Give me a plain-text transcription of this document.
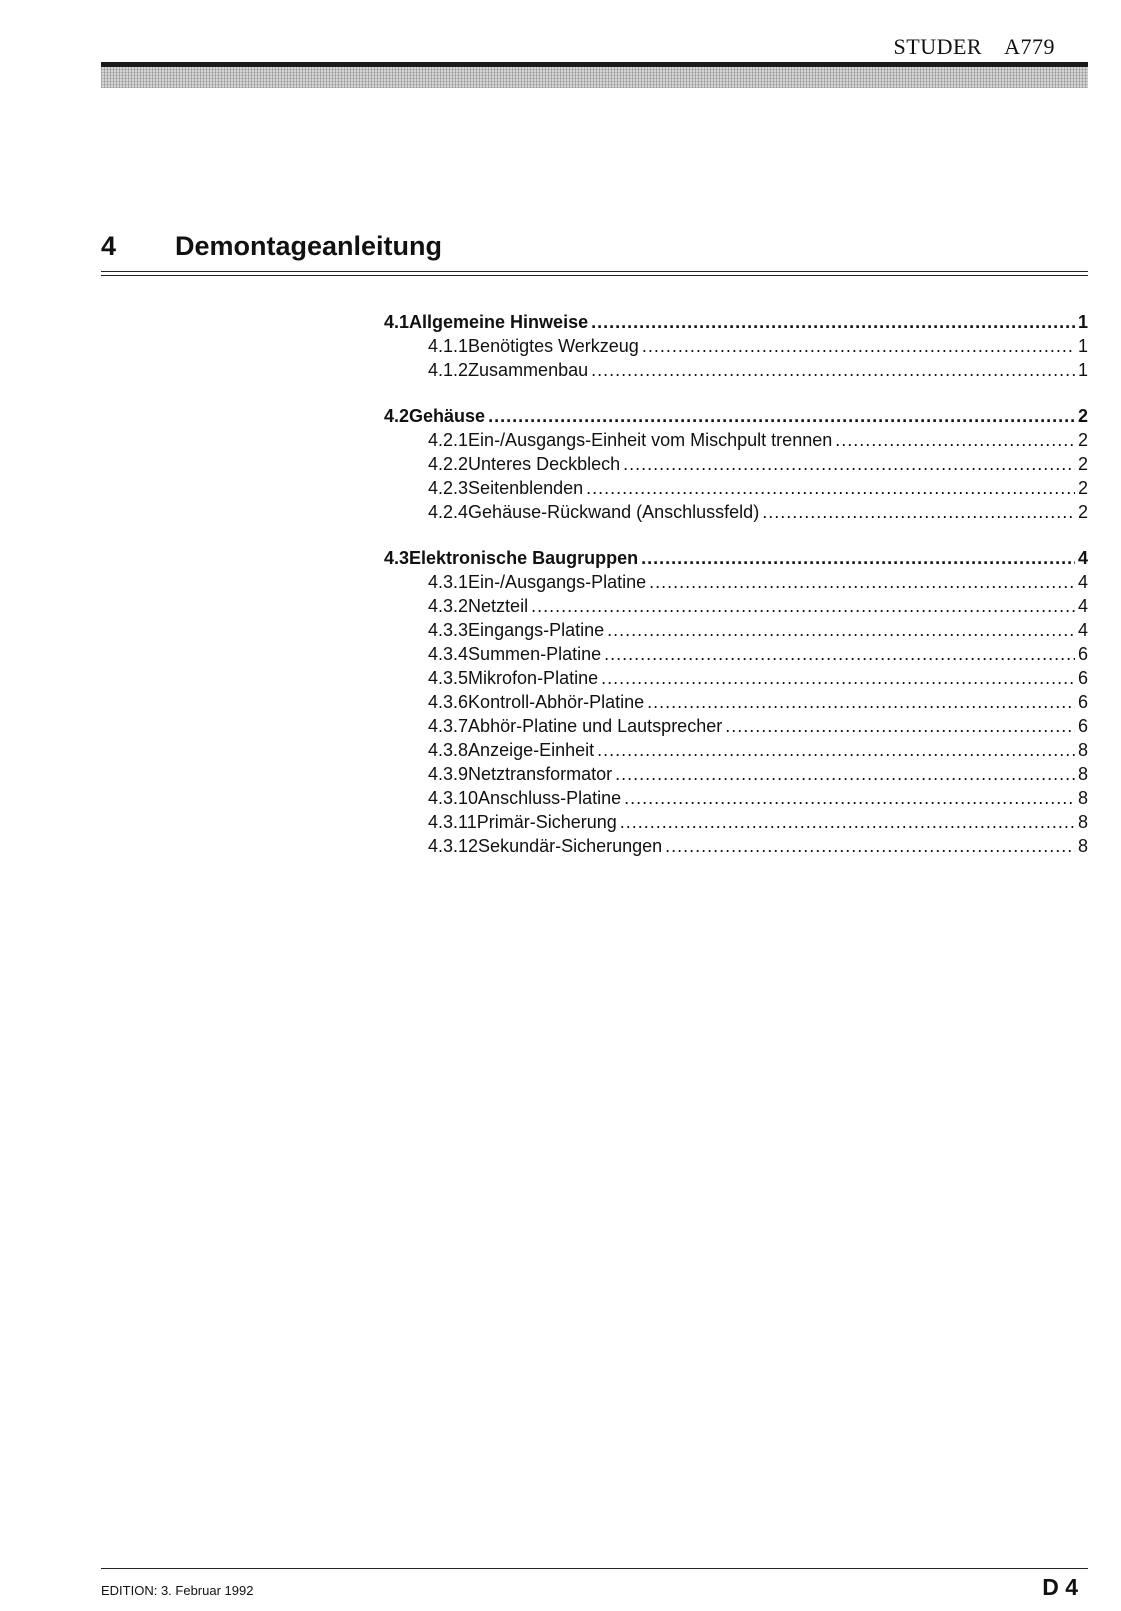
STUDER A779
4 Demontageanleitung
4.1 Allgemeine Hinweise .....	1
4.1.1 Benötigtes Werkzeug .....	1
4.1.2 Zusammenbau .....	1
4.2 Gehäuse .....	2
4.2.1 Ein-/Ausgangs-Einheit vom Mischpult trennen .....	2
4.2.2 Unteres Deckblech .....	2
4.2.3 Seitenblenden .....	2
4.2.4 Gehäuse-Rückwand (Anschlussfeld) .....	2
4.3 Elektronische Baugruppen .....	4
4.3.1 Ein-/Ausgangs-Platine .....	4
4.3.2 Netzteil .....	4
4.3.3 Eingangs-Platine .....	4
4.3.4 Summen-Platine .....	6
4.3.5 Mikrofon-Platine .....	6
4.3.6 Kontroll-Abhör-Platine .....	6
4.3.7 Abhör-Platine und Lautsprecher .....	6
4.3.8 Anzeige-Einheit .....	8
4.3.9 Netztransformator .....	8
4.3.10 Anschluss-Platine .....	8
4.3.11 Primär-Sicherung .....	8
4.3.12 Sekundär-Sicherungen .....	8
EDITION: 3. Februar 1992	D 4
